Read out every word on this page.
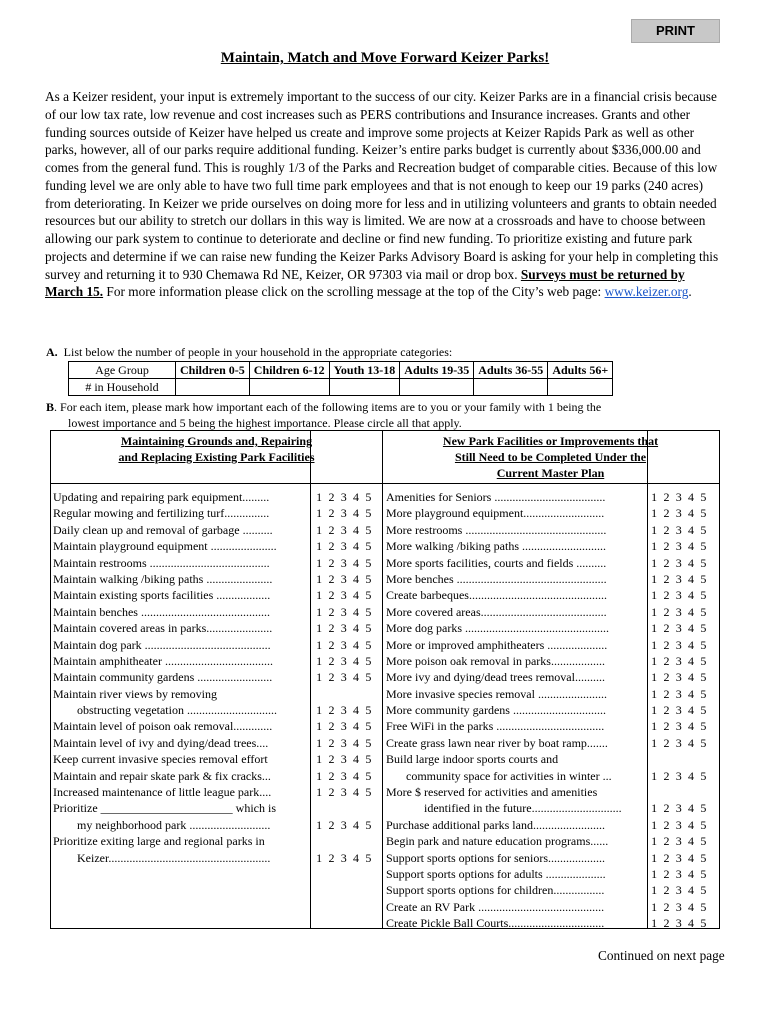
PRINT
Maintain, Match and Move Forward Keizer Parks!

As a Keizer resident, your input is extremely important to the success of our city. Keizer Parks are in a financial crisis because of our low tax rate, low revenue and cost increases such as PERS contributions and Insurance increases. Grants and other funding sources outside of Keizer have helped us create and improve some projects at Keizer Rapids Park as well as other parks, however, all of our parks require additional funding. Keizer’s entire parks budget is currently about $336,000.00 and comes from the general fund. This is roughly 1/3 of the Parks and Recreation budget of comparable cities. Because of this low funding level we are only able to have two full time park employees and that is not enough to keep our 19 parks (240 acres) from deteriorating. In Keizer we pride ourselves on doing more for less and in utilizing volunteers and grants to obtain needed resources but our ability to stretch our dollars in this way is limited. We are now at a crossroads and have to choose between allowing our park system to continue to deteriorate and decline or find new funding. To prioritize existing and future park projects and determine if we can raise new funding the Keizer Parks Advisory Board is asking for your help in completing this survey and returning it to 930 Chemawa Rd NE, Keizer, OR 97303 via mail or drop box. Surveys must be returned by March 15. For more information please click on the scrolling message at the top of the City’s web page: www.keizer.org.

A. List below the number of people in your household in the appropriate categories:
Age Group	Children 0-5	Children 6-12	Youth 13-18	Adults 19-35	Adults 36-55	Adults 56+
# in Household						
B. For each item, please mark how important each of the following items are to you or your family with 1 being the
lowest importance and 5 being the highest importance. Please circle all that apply.
Maintaining Grounds and, Repairing
and Replacing Existing Park Facilities
New Park Facilities or Improvements that
Still Need to be Completed Under the
Current Master Plan
Updating and repairing park equipment.........	1 2 3 4 5
Regular mowing and fertilizing turf...............	1 2 3 4 5
Daily clean up and removal of garbage ..........	1 2 3 4 5
Maintain playground equipment ......................	1 2 3 4 5
Maintain restrooms ........................................	1 2 3 4 5
Maintain walking /biking paths ......................	1 2 3 4 5
Maintain existing sports facilities ..................	1 2 3 4 5
Maintain benches ...........................................	1 2 3 4 5
Maintain covered areas in parks......................	1 2 3 4 5
Maintain dog park ..........................................	1 2 3 4 5
Maintain amphitheater ....................................	1 2 3 4 5
Maintain community gardens .........................	1 2 3 4 5
Maintain river views by removing
obstructing vegetation ..............................	1 2 3 4 5
Maintain level of poison oak removal.............	1 2 3 4 5
Maintain level of ivy and dying/dead trees....	1 2 3 4 5
Keep current invasive species removal effort	1 2 3 4 5
Maintain and repair skate park & fix cracks...	1 2 3 4 5
Increased maintenance of little league park....	1 2 3 4 5
Prioritize ______________________ which is
my neighborhood park ...........................	1 2 3 4 5
Prioritize exiting large and regional parks in
Keizer......................................................	1 2 3 4 5
Amenities for Seniors .....................................	1 2 3 4 5
More playground equipment...........................	1 2 3 4 5
More restrooms ...............................................	1 2 3 4 5
More walking /biking paths ............................	1 2 3 4 5
More sports facilities, courts and fields ..........	1 2 3 4 5
More benches ..................................................	1 2 3 4 5
Create barbeques..............................................	1 2 3 4 5
More covered areas..........................................	1 2 3 4 5
More dog parks ................................................	1 2 3 4 5
More or improved amphitheaters ....................	1 2 3 4 5
More poison oak removal in parks..................	1 2 3 4 5
More ivy and dying/dead trees removal..........	1 2 3 4 5
More invasive species removal .......................	1 2 3 4 5
More community gardens ...............................	1 2 3 4 5
Free WiFi in the parks ....................................	1 2 3 4 5
Create grass lawn near river by boat ramp.......	1 2 3 4 5
Build large indoor sports courts and
community space for activities in winter ...	1 2 3 4 5
More $ reserved for activities and amenities
identified in the future..............................	1 2 3 4 5
Purchase additional parks land........................	1 2 3 4 5
Begin park and nature education programs......	1 2 3 4 5
Support sports options for seniors...................	1 2 3 4 5
Support sports options for adults ....................	1 2 3 4 5
Support sports options for children.................	1 2 3 4 5
Create an RV Park ..........................................	1 2 3 4 5
Create Pickle Ball Courts................................	1 2 3 4 5
Continued on next page
